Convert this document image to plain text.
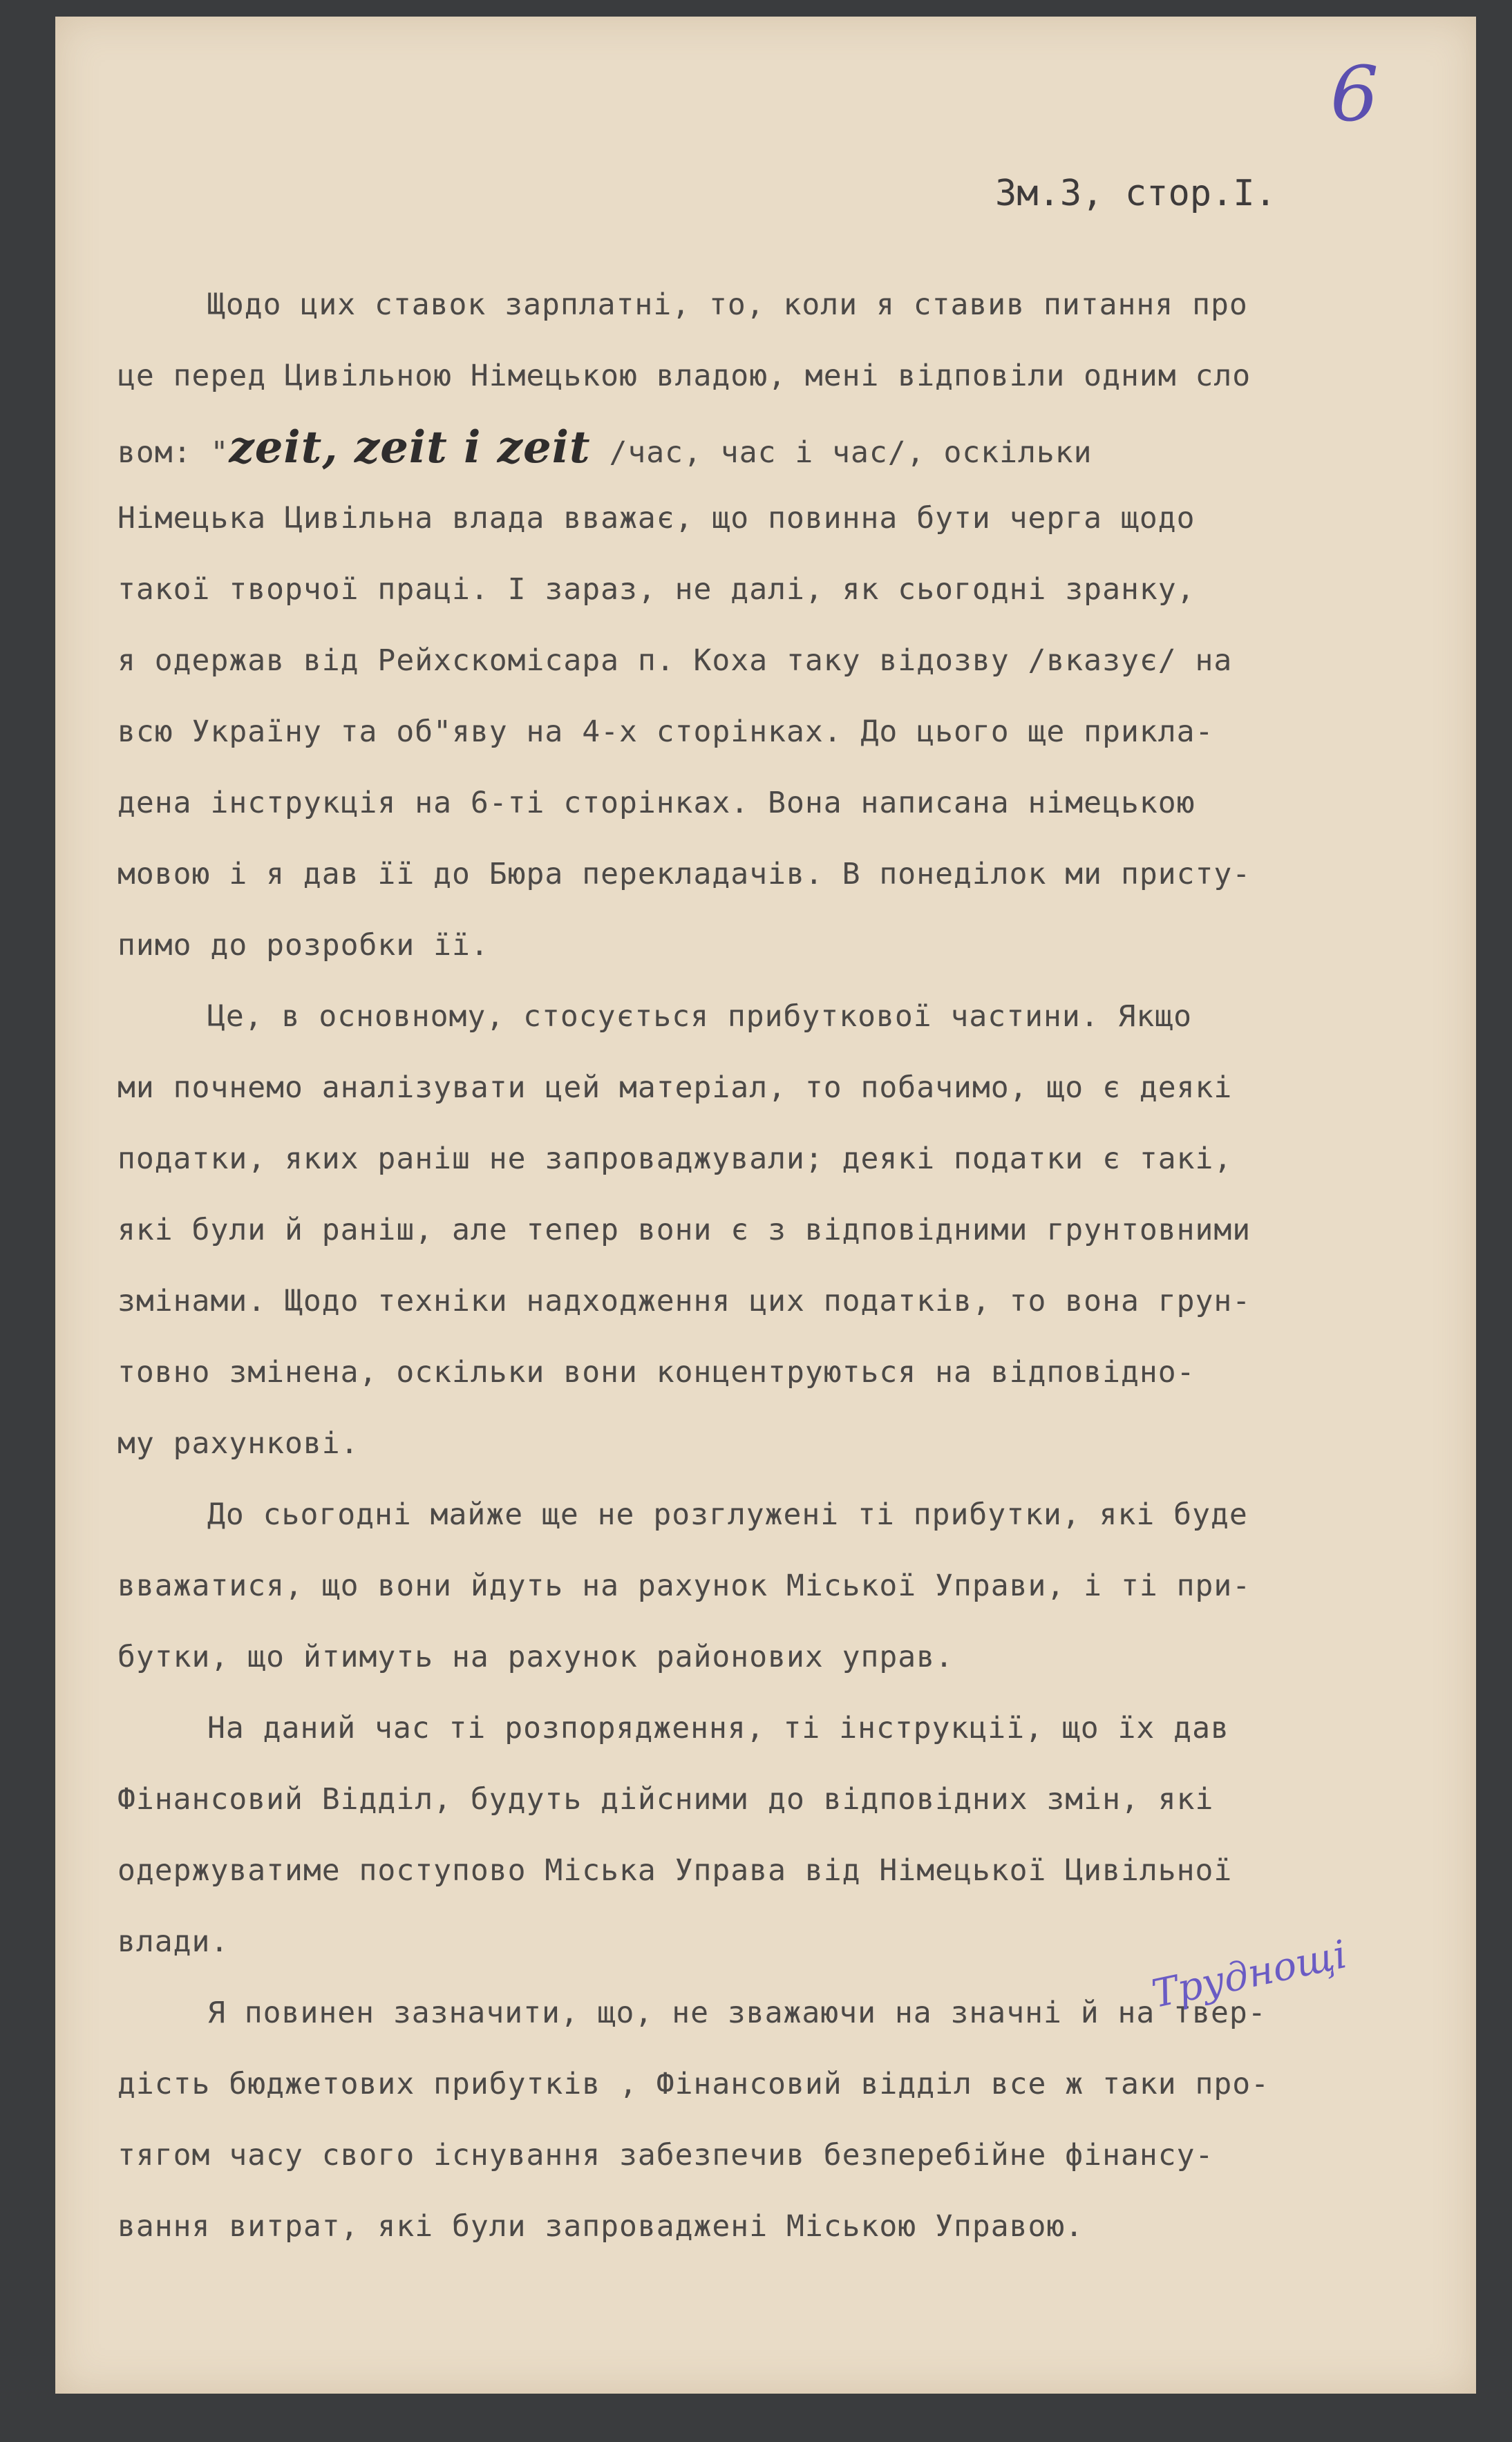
6
Зм.3, стор.І.
Щодо цих ставок зарплатні, то, коли я ставив питання про
це перед Цивільною Німецькою владою, мені відповіли одним сло
вом: "zeit, zeit і zeit /час, час і час/, оскільки
Німецька Цивільна влада вважає, що повинна бути черга щодо
такої творчої праці. І зараз, не далі, як сьогодні зранку,
я одержав від Рейхскомісара п. Коха таку відозву /вказує/ на
всю Україну та об"яву на 4-х сторінках. До цього ще прикла-
дена інструкція на 6-ті сторінках. Вона написана німецькою
мовою і я дав її до Бюра перекладачів. В понеділок ми присту-
пимо до розробки її.
Це, в основному, стосується прибуткової частини. Якщо
ми почнемо аналізувати цей матеріал, то побачимо, що є деякі
податки, яких раніш не запроваджували; деякі податки є такі,
які були й раніш, але тепер вони є з відповідними грунтовними
змінами. Щодо техніки надходження цих податків, то вона грун-
товно змінена, оскільки вони концентруються на відповідно-
му рахункові.
До сьогодні майже ще не розглужені ті прибутки, які буде
вважатися, що вони йдуть на рахунок Міської Управи, і ті при-
бутки, що йтимуть на рахунок районових управ.
На даний час ті розпорядження, ті інструкції, що їх дав
Фінансовий Відділ, будуть дійсними до відповідних змін, які
одержуватиме поступово Міська Управа від Німецької Цивільної
влади.
Я повинен зазначити, що, не зважаючи на значні й на твер-
дість бюджетових прибутків , Фінансовий відділ все ж таки про-
тягом часу свого існування забезпечив безперебійне фінансу-
вання витрат, які були запроваджені Міською Управою.
Труднощі
